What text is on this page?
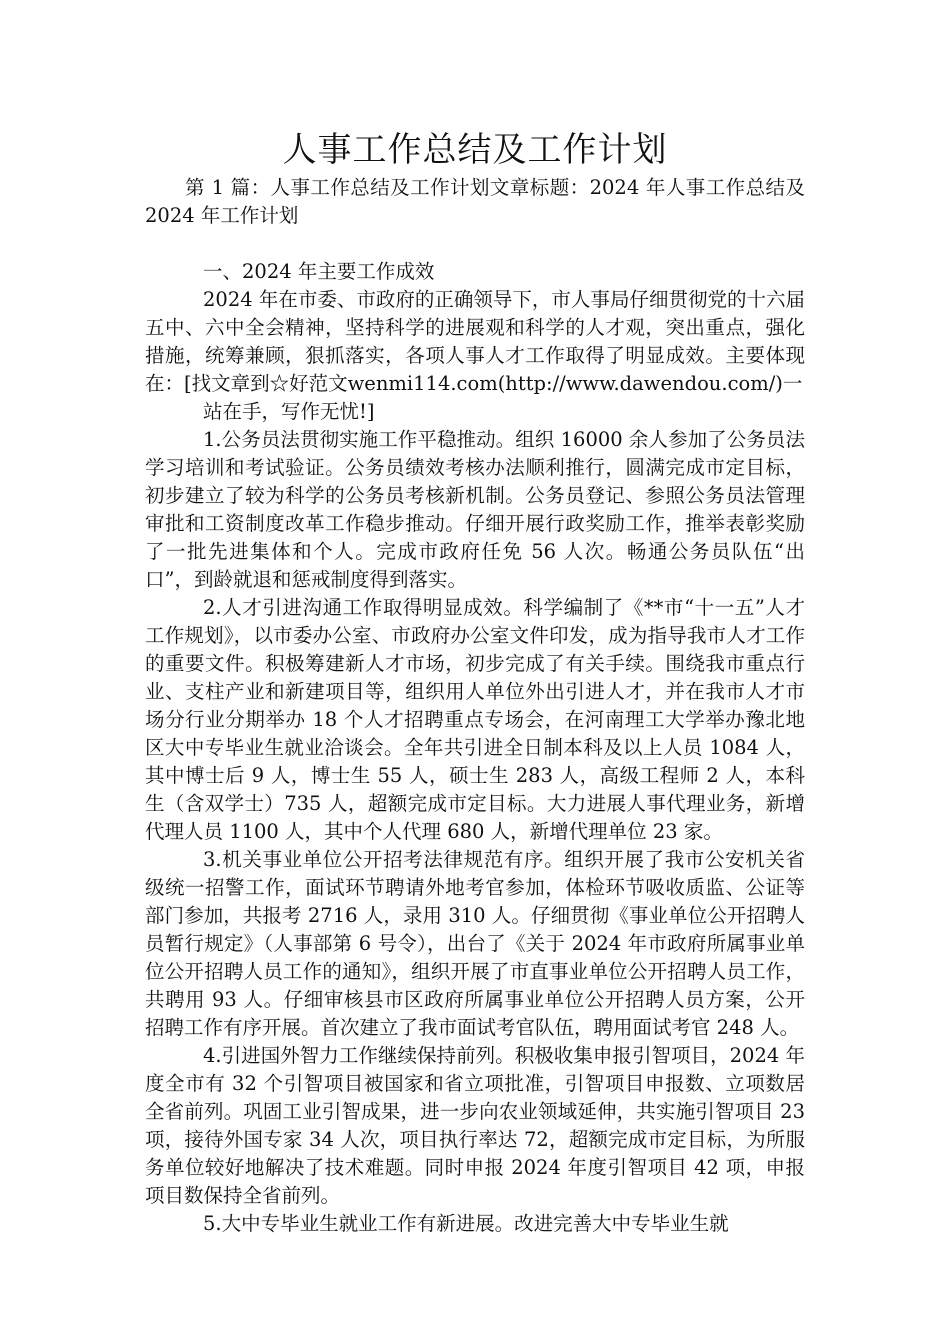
人事工作总结及工作计划

第 1 篇：人事工作总结及工作计划文章标题：2024 年人事工作总结及 2024 年工作计划

一、2024 年主要工作成效

2024 年在市委、市政府的正确领导下，市人事局仔细贯彻党的十六届五中、六中全会精神，坚持科学的进展观和科学的人才观，突出重点，强化措施，统筹兼顾，狠抓落实，各项人事人才工作取得了明显成效。主要体现在：[找文章到☆好范文wenmi114.com(http://www.dawendou.com/)一

站在手，写作无忧!]

1.公务员法贯彻实施工作平稳推动。组织 16000 余人参加了公务员法学习培训和考试验证。公务员绩效考核办法顺利推行，圆满完成市定目标，初步建立了较为科学的公务员考核新机制。公务员登记、参照公务员法管理审批和工资制度改革工作稳步推动。仔细开展行政奖励工作，推举表彰奖励了一批先进集体和个人。完成市政府任免 56 人次。畅通公务员队伍“出口”，到龄就退和惩戒制度得到落实。

2.人才引进沟通工作取得明显成效。科学编制了《**市“十一五”人才工作规划》，以市委办公室、市政府办公室文件印发，成为指导我市人才工作的重要文件。积极筹建新人才市场，初步完成了有关手续。围绕我市重点行业、支柱产业和新建项目等，组织用人单位外出引进人才，并在我市人才市场分行业分期举办 18 个人才招聘重点专场会，在河南理工大学举办豫北地区大中专毕业生就业洽谈会。全年共引进全日制本科及以上人员 1084 人，其中博士后 9 人，博士生 55 人，硕士生 283 人，高级工程师 2 人，本科生（含双学士）735 人，超额完成市定目标。大力进展人事代理业务，新增代理人员 1100 人，其中个人代理 680 人，新增代理单位 23 家。

3.机关事业单位公开招考法律规范有序。组织开展了我市公安机关省级统一招警工作，面试环节聘请外地考官参加，体检环节吸收质监、公证等部门参加，共报考 2716 人，录用 310 人。仔细贯彻《事业单位公开招聘人员暂行规定》（人事部第 6 号令），出台了《关于 2024 年市政府所属事业单位公开招聘人员工作的通知》，组织开展了市直事业单位公开招聘人员工作，共聘用 93 人。仔细审核县市区政府所属事业单位公开招聘人员方案，公开招聘工作有序开展。首次建立了我市面试考官队伍，聘用面试考官 248 人。

4.引进国外智力工作继续保持前列。积极收集申报引智项目，2024 年度全市有 32 个引智项目被国家和省立项批准，引智项目申报数、立项数居全省前列。巩固工业引智成果，进一步向农业领域延伸，共实施引智项目 23 项，接待外国专家 34 人次，项目执行率达 72，超额完成市定目标，为所服务单位较好地解决了技术难题。同时申报 2024 年度引智项目 42 项，申报项目数保持全省前列。

5.大中专毕业生就业工作有新进展。改进完善大中专毕业生就
